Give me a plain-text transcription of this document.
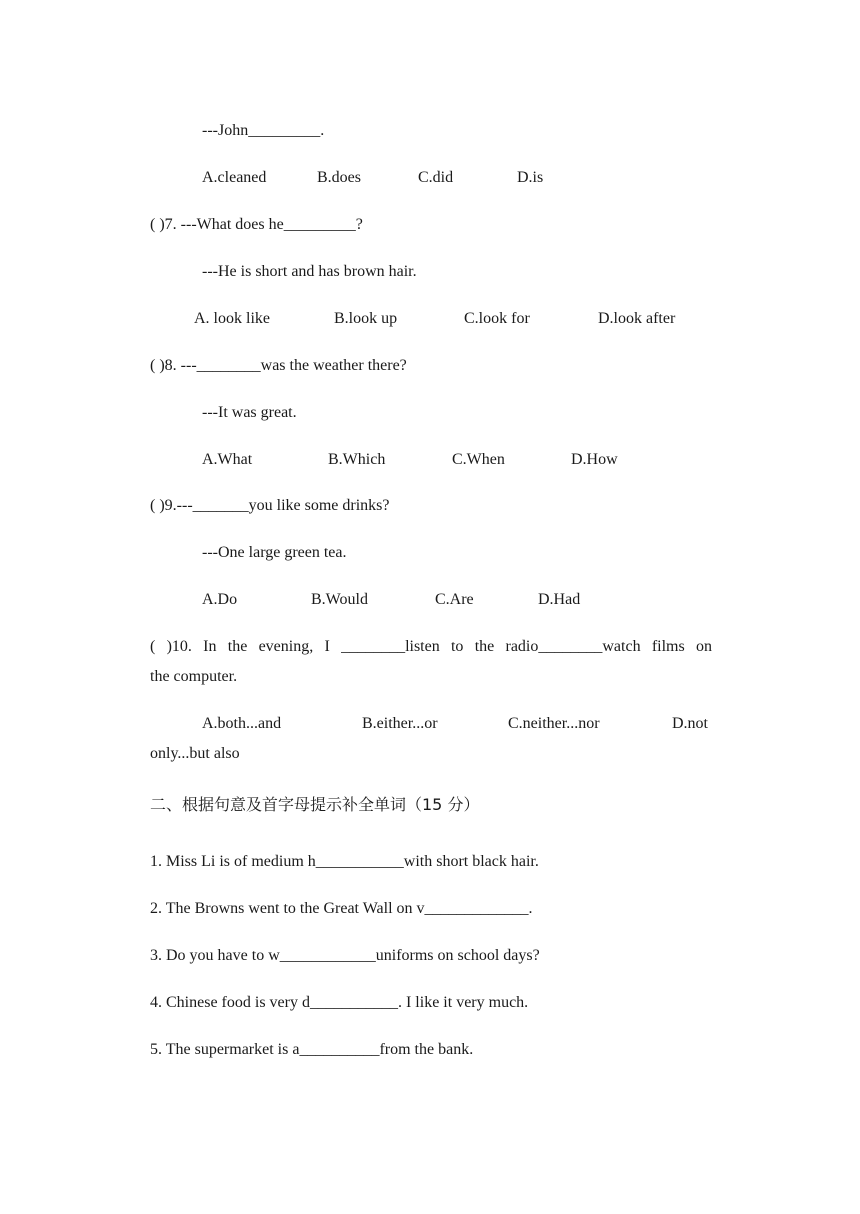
---John_________.
A.cleaned	B.does	C.did	D.is
( )7. ---What does he_________?
---He is short and has brown hair.
A. look like	B.look up	C.look for	D.look after
( )8. ---________was the weather there?
---It was great.
A.What	B.Which	C.When	D.How
( )9.---_______you like some drinks?
---One large green tea.
A.Do	B.Would	C.Are	D.Had
( )10. In the evening, I ________listen to the radio________watch films on
the computer.
A.both...and	B.either...or	C.neither...nor	D.not
only...but also
二、根据句意及首字母提示补全单词（15 分）
1. Miss Li is of medium h___________with short black hair.
2. The Browns went to the Great Wall on v_____________.
3. Do you have to w____________uniforms on school days?
4. Chinese food is very d___________. I like it very much.
5. The supermarket is a__________from the bank.
